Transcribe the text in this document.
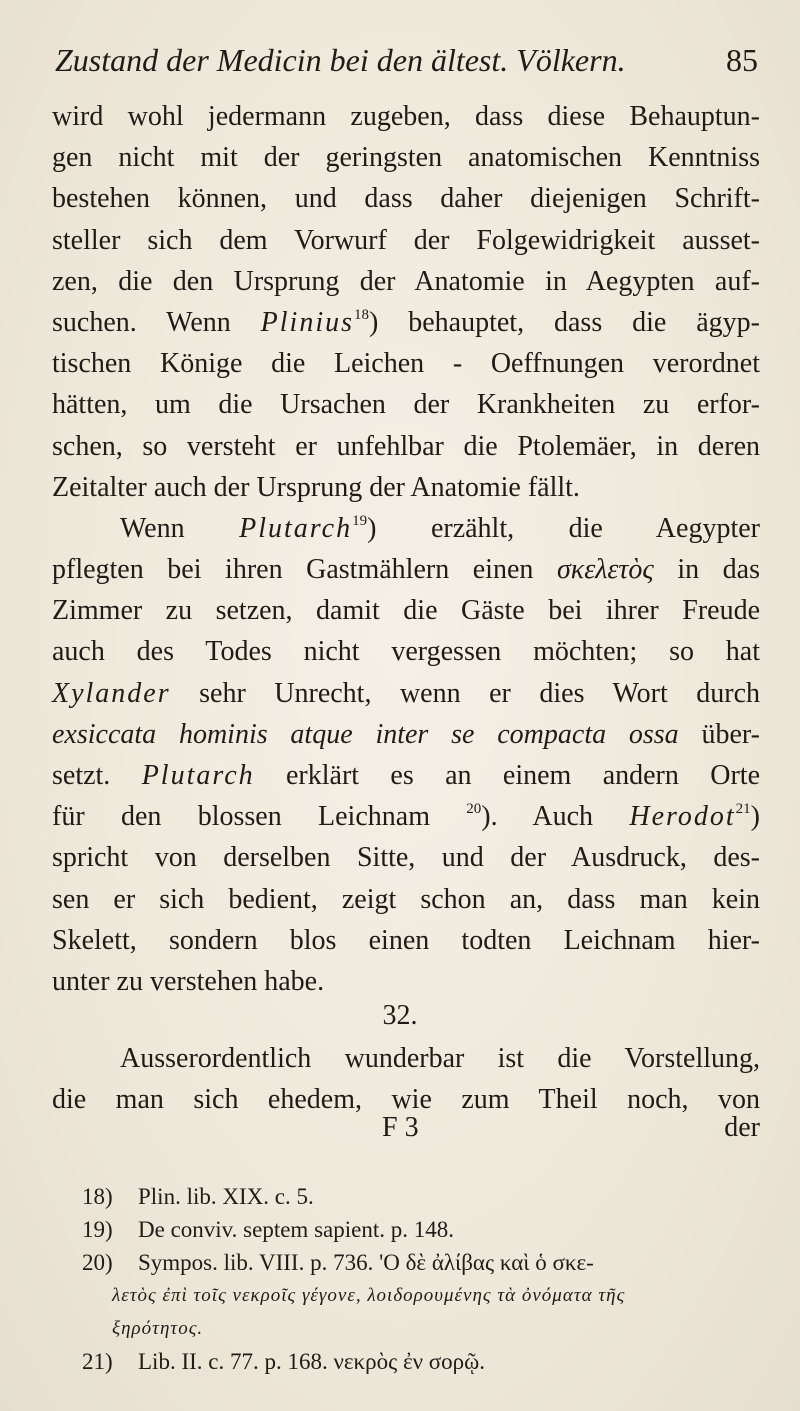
Zustand der Medicin bei den ältest. Völkern.	85
wird wohl jedermann zugeben, dass diese Behauptun-
gen nicht mit der geringsten anatomischen Kenntniss
bestehen können, und dass daher diejenigen Schrift-
steller sich dem Vorwurf der Folgewidrigkeit ausset-
zen, die den Ursprung der Anatomie in Aegypten auf-
suchen. Wenn Plinius$^{18}$) behauptet, dass die ägyp-
tischen Könige die Leichen - Oeffnungen verordnet
hätten, um die Ursachen der Krankheiten zu erfor-
schen, so versteht er unfehlbar die Ptolemäer, in deren
Zeitalter auch der Ursprung der Anatomie fällt.
Wenn Plutarch$^{19}$) erzählt, die Aegypter
pflegten bei ihren Gastmählern einen σκελετὸς in das
Zimmer zu setzen, damit die Gäste bei ihrer Freude
auch des Todes nicht vergessen möchten; so hat
Xylander sehr Unrecht, wenn er dies Wort durch
exsiccata hominis atque inter se compacta ossa über-
setzt. Plutarch erklärt es an einem andern Orte
für den blossen Leichnam $^{20}$). Auch Herodot$^{21}$)
spricht von derselben Sitte, und der Ausdruck, des-
sen er sich bedient, zeigt schon an, dass man kein
Skelett, sondern blos einen todten Leichnam hier-
unter zu verstehen habe.
32.
Ausserordentlich wunderbar ist die Vorstellung,
die man sich ehedem, wie zum Theil noch, von
F 3	der
18) Plin. lib. XIX. c. 5.
19) De conviv. septem sapient. p. 148.
20) Sympos. lib. VIII. p. 736. 'Ο δὲ ἀλίβας καὶ ὁ σκε-
λετὸς ἐπὶ τοῖς νεκροῖς γέγονε, λοιδορουμένης τὰ ὀνόματα τῆς
ξηρότητος.
21) Lib. II. c. 77. p. 168. νεκρὸς ἐν σορῷ.
